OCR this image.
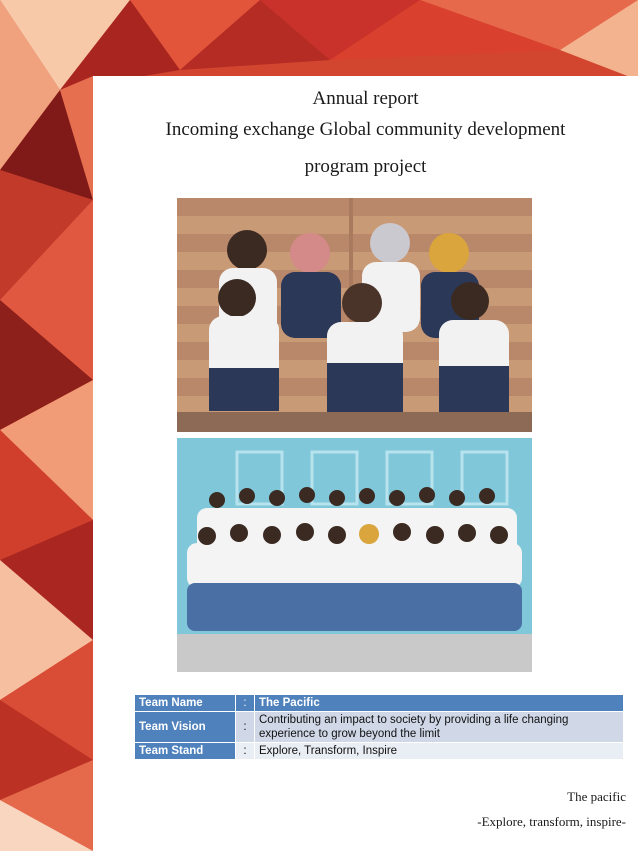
Annual report
Incoming exchange Global community development
program project
Team Name	:	The Pacific
Team Vision	:	Contributing an impact to society by providing a life changing experience to grow beyond the limit
Team Stand	:	Explore, Transform, Inspire
The pacific
-Explore, transform, inspire-
